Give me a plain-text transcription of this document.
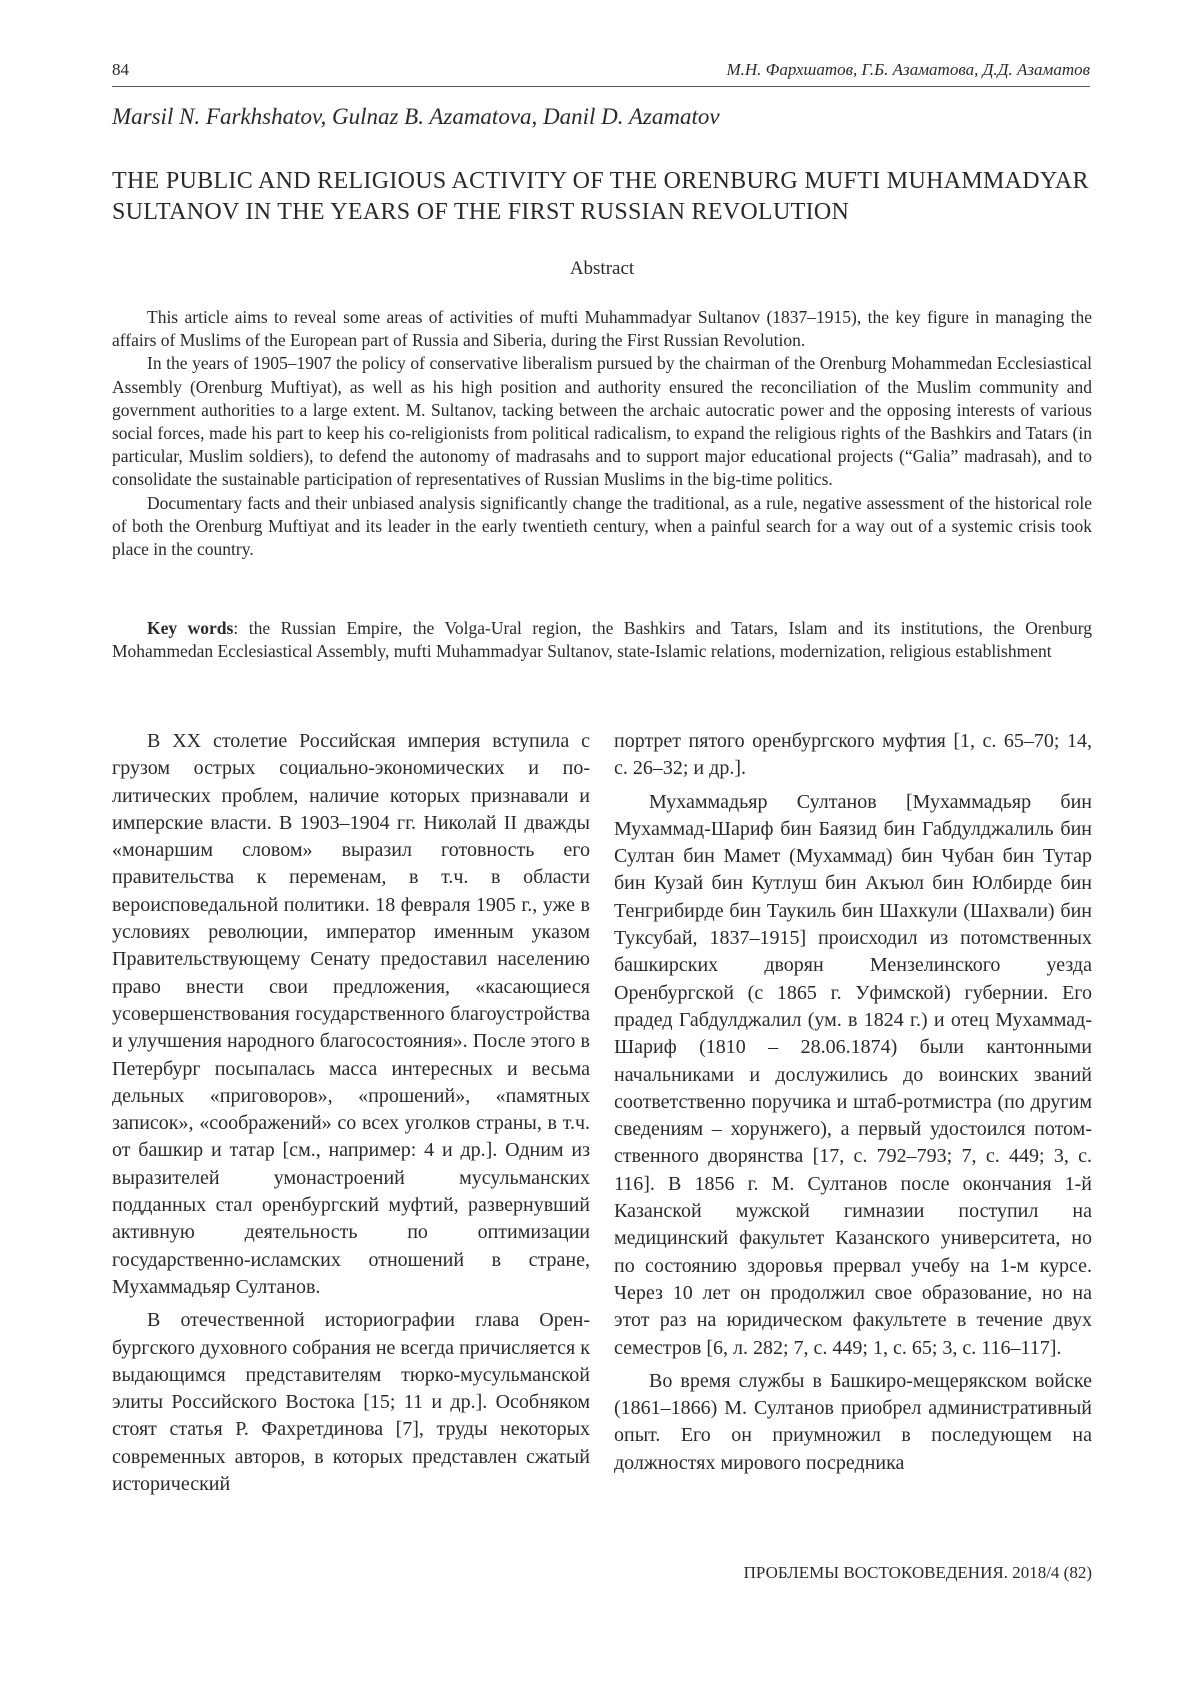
84	М.Н. Фархшатов, Г.Б. Азаматова, Д.Д. Азаматов
Marsil N. Farkhshatov, Gulnaz B. Azamatova, Danil D. Azamatov
THE PUBLIC AND RELIGIOUS ACTIVITY OF THE ORENBURG MUFTI MUHAMMADYAR SULTANOV IN THE YEARS OF THE FIRST RUSSIAN REVOLUTION
Abstract

This article aims to reveal some areas of activities of mufti Muhammadyar Sultanov (1837–1915), the key figure in managing the affairs of Muslims of the European part of Russia and Siberia, during the First Russian Revolution.

In the years of 1905–1907 the policy of conservative liberalism pursued by the chairman of the Orenburg Mohammedan Ecclesiastical Assembly (Orenburg Muftiyat), as well as his high position and authority ensured the reconciliation of the Muslim community and government authorities to a large extent. M. Sultanov, tacking between the archaic autocratic power and the opposing interests of various social forces, made his part to keep his co-religionists from political radicalism, to expand the religious rights of the Bashkirs and Tatars (in particular, Muslim soldiers), to defend the autonomy of madrasahs and to support major educational projects (“Galia” madrasah), and to consolidate the sustainable participation of representatives of Russian Muslims in the big-time politics.

Documentary facts and their unbiased analysis significantly change the traditional, as a rule, negative assessment of the historical role of both the Orenburg Muftiyat and its leader in the early twentieth century, when a painful search for a way out of a systemic crisis took place in the country.

Key words: the Russian Empire, the Volga-Ural region, the Bashkirs and Tatars, Islam and its institutions, the Orenburg Mohammedan Ecclesiastical Assembly, mufti Muhammadyar Sultanov, state-Islamic relations, modernization, religious establishment

В XX столетие Российская империя вступила с грузом острых социально-экономических и политических проблем, наличие которых признавали и имперские власти. В 1903–1904 гг. Николай II дважды «монаршим словом» выразил готовность его правительства к переменам, в т.ч. в области вероисповедальной политики. 18 февраля 1905 г., уже в условиях революции, император именным указом Правительствующему Сенату предоставил населению право внести свои предложения, «касающиеся усовершенствования государственного благоустройства и улучшения народного благосостояния». После этого в Петербург посыпалась масса интересных и весьма дельных «приговоров», «прошений», «памятных записок», «соображений» со всех уголков страны, в т.ч. от башкир и татар [см., например: 4 и др.]. Одним из выразителей умонастроений мусульманских подданных стал оренбургский муфтий, развернувший активную деятельность по оптимизации государственно-исламских отношений в стране, Мухаммадьяр Султанов.

В отечественной историографии глава Оренбургского духовного собрания не всегда причисляется к выдающимся представителям тюрко-мусульманской элиты Российского Востока [15; 11 и др.]. Особняком стоят статья Р. Фахретдинова [7], труды некоторых современных авторов, в которых представлен сжатый исторический

портрет пятого оренбургского муфтия [1, с. 65–70; 14, с. 26–32; и др.].

Мухаммадьяр Султанов [Мухаммадьяр бин Мухаммад-Шариф бин Баязид бин Габдулджалиль бин Султан бин Мамет (Мухаммад) бин Чубан бин Тутар бин Кузай бин Кутлуш бин Акъюл бин Юлбирде бин Тенгрибирде бин Таукиль бин Шахкули (Шахвали) бин Туксубай, 1837–1915] происходил из потомственных башкирских дворян Мензелинского уезда Оренбургской (с 1865 г. Уфимской) губернии. Его прадед Габдулджалил (ум. в 1824 г.) и отец Мухаммад-Шариф (1810 – 28.06.1874) были кантонными начальниками и дослужились до воинских званий соответственно поручика и штаб-ротмистра (по другим сведениям – хорунжего), а первый удостоился потомственного дворянства [17, с. 792–793; 7, с. 449; 3, с. 116]. В 1856 г. М. Султанов после окончания 1-й Казанской мужской гимназии поступил на медицинский факультет Казанского университета, но по состоянию здоровья прервал учебу на 1-м курсе. Через 10 лет он продолжил свое образование, но на этот раз на юридическом факультете в течение двух семестров [6, л. 282; 7, с. 449; 1, с. 65; 3, с. 116–117].

Во время службы в Башкиро-мещерякском войске (1861–1866) М. Султанов приобрел административный опыт. Его он приумножил в последующем на должностях мирового посредника

ПРОБЛЕМЫ ВОСТОКОВЕДЕНИЯ. 2018/4 (82)
